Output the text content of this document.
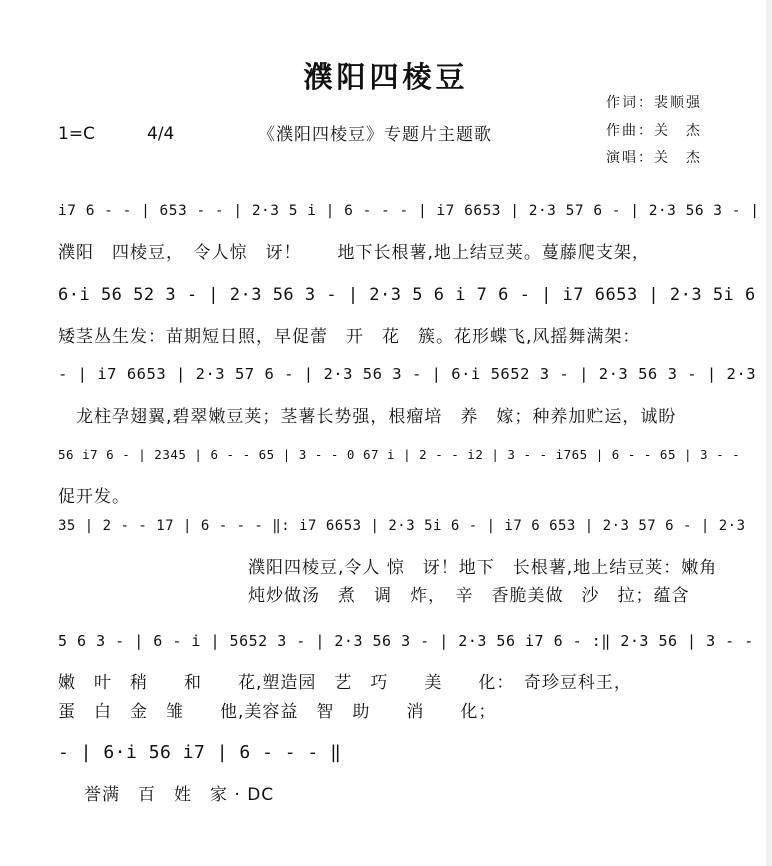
濮阳四棱豆
1=C	4/4	《濮阳四棱豆》专题片主题歌
作词：裴顺强
作曲：关　杰
演唱：关　杰
i7 6 - - | 653 - - | 2·3 5 i | 6 - - - | i7 6653 | 2·3 57 6 - | 2·3 56 3 - |
濮阳　四棱豆，　令人惊　讶！　　地下长根薯,地上结豆荚。蔓藤爬支架，
6·i 56 52 3 - | 2·3 56 3 - | 2·3 5 6 i 7 6 - | i7 6653 | 2·3 5i 6
矮茎丛生发：苗期短日照，早促蕾　开　花　簇。花形蝶飞,风摇舞满架：
- | i7 6653 | 2·3 57 6 - | 2·3 56 3 - | 6·i 5652 3 - | 2·3 56 3 - | 2·3
　龙柱孕翅翼,碧翠嫩豆荚；茎薯长势强，根瘤培　养　嫁；种养加贮运，诚盼
56 i7 6 - | 2345 | 6 - - 65 | 3 - - 0 67 i | 2 - - i2 | 3 - - i765 | 6 - - 65 | 3 - -
促开发。
35 | 2 - - 17 | 6 - - - ‖: i7 6653 | 2·3 5i 6 - | i7 6 653 | 2·3 57 6 - | 2·3
濮阳四棱豆,令人 惊　讶！地下　长根薯,地上结豆荚：嫩角
炖炒做汤　煮　调　炸，　辛　香脆美做　沙　拉；蕴含
5 6 3 - | 6 - i | 5652 3 - | 2·3 56 3 - | 2·3 56 i7 6 - :‖ 2·3 56 | 3 - -
嫩　叶　稍　　和　　花,塑造园　艺　巧　　美　　化：　奇珍豆科王，
蛋　白　金　雏　　他,美容益　智　助　　消　　化；
- | 6·i 56 i7 | 6 - - - ‖
誉满　百　姓　家 · DC
